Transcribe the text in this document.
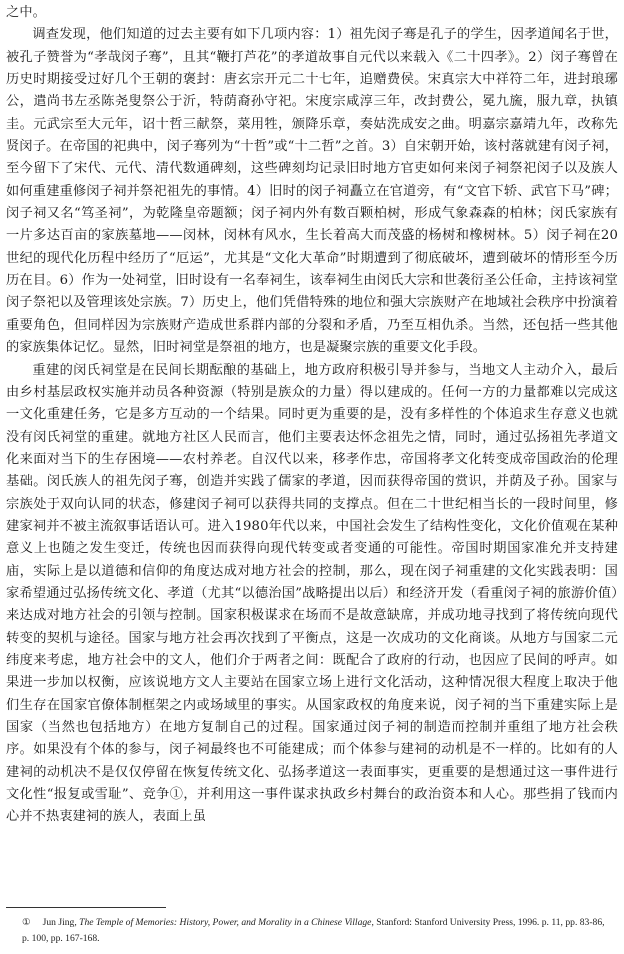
之中。

调查发现，他们知道的过去主要有如下几项内容：1）祖先闵子骞是孔子的学生，因孝道闻名于世，被孔子赞誉为“孝哉闵子骞”，且其“鞭打芦花”的孝道故事自元代以来载入《二十四孝》。2）闵子骞曾在历史时期接受过好几个王朝的褒封：唐玄宗开元二十七年，追赠费侯。宋真宗大中祥符二年，进封琅琊公，遣尚书左丞陈尧叟祭公于沂，特荫裔孙守祀。宋度宗咸淳三年，改封费公，冕九旒，服九章，执镇圭。元武宗至大元年，诏十哲三献祭，菜用牲，颁降乐章，奏姑洗成安之曲。明嘉宗嘉靖九年，改称先贤闵子。在帝国的祀典中，闵子骞列为“十哲”或“十二哲”之首。3）自宋朝开始，该村落就建有闵子祠，至今留下了宋代、元代、清代数通碑刻，这些碑刻均记录旧时地方官吏如何来闵子祠祭祀闵子以及族人如何重建重修闵子祠并祭祀祖先的事情。4）旧时的闵子祠矗立在官道旁，有“文官下轿、武官下马”碑；闵子祠又名“笃圣祠”，为乾隆皇帝题额；闵子祠内外有数百颗柏树，形成气象森森的柏林；闵氏家族有一片多达百亩的家族墓地——闵林，闵林有风水，生长着高大而茂盛的杨树和橡树林。5）闵子祠在20世纪的现代化历程中经历了“厄运”，尤其是“文化大革命”时期遭到了彻底破坏，遭到破坏的情形至今历历在目。6）作为一处祠堂，旧时设有一名奉祠生，该奉祠生由闵氏大宗和世袭衍圣公任命，主持该祠堂闵子祭祀以及管理该处宗族。7）历史上，他们凭借特殊的地位和强大宗族财产在地域社会秩序中扮演着重要角色，但同样因为宗族财产造成世系群内部的分裂和矛盾，乃至互相仇杀。当然，还包括一些其他的家族集体记忆。显然，旧时祠堂是祭祖的地方，也是凝聚宗族的重要文化手段。

重建的闵氏祠堂是在民间长期酝酿的基础上，地方政府积极引导并参与，当地文人主动介入，最后由乡村基层政权实施并动员各种资源（特别是族众的力量）得以建成的。任何一方的力量都难以完成这一文化重建任务，它是多方互动的一个结果。同时更为重要的是，没有多样性的个体追求生存意义也就没有闵氏祠堂的重建。就地方社区人民而言，他们主要表达怀念祖先之情，同时，通过弘扬祖先孝道文化来面对当下的生存困境——农村养老。自汉代以来，移孝作忠，帝国将孝文化转变成帝国政治的伦理基础。闵氏族人的祖先闵子骞，创造并实践了儒家的孝道，因而获得帝国的赏识，并荫及子孙。国家与宗族处于双向认同的状态，修建闵子祠可以获得共同的支撑点。但在二十世纪相当长的一段时间里，修建家祠并不被主流叙事话语认可。进入1980年代以来，中国社会发生了结构性变化，文化价值观在某种意义上也随之发生变迁，传统也因而获得向现代转变或者变通的可能性。帝国时期国家准允并支持建庙，实际上是以道德和信仰的角度达成对地方社会的控制，那么，现在闵子祠重建的文化实践表明：国家希望通过弘扬传统文化、孝道（尤其“以德治国”战略提出以后）和经济开发（看重闵子祠的旅游价值）来达成对地方社会的引领与控制。国家积极谋求在场而不是故意缺席，并成功地寻找到了将传统向现代转变的契机与途径。国家与地方社会再次找到了平衡点，这是一次成功的文化商谈。从地方与国家二元纬度来考虑，地方社会中的文人，他们介于两者之间：既配合了政府的行动，也因应了民间的呼声。如果进一步加以权衡，应该说地方文人主要站在国家立场上进行文化活动，这种情况很大程度上取决于他们生存在国家官僚体制框架之内或场域里的事实。从国家政权的角度来说，闵子祠的当下重建实际上是国家（当然也包括地方）在地方复制自己的过程。国家通过闵子祠的制造而控制并重组了地方社会秩序。如果没有个体的参与，闵子祠最终也不可能建成；而个体参与建祠的动机是不一样的。比如有的人建祠的动机决不是仅仅停留在恢复传统文化、弘扬孝道这一表面事实，更重要的是想通过这一事件进行文化性“报复或雪耻”、竞争①，并利用这一事件谋求执政乡村舞台的政治资本和人心。那些捐了钱而内心并不热衷建祠的族人，表面上虽

① Jun Jing, The Temple of Memories: History, Power, and Morality in a Chinese Village, Stanford: Stanford University Press, 1996. p. 11, pp. 83-86, p. 100, pp. 167-168.
